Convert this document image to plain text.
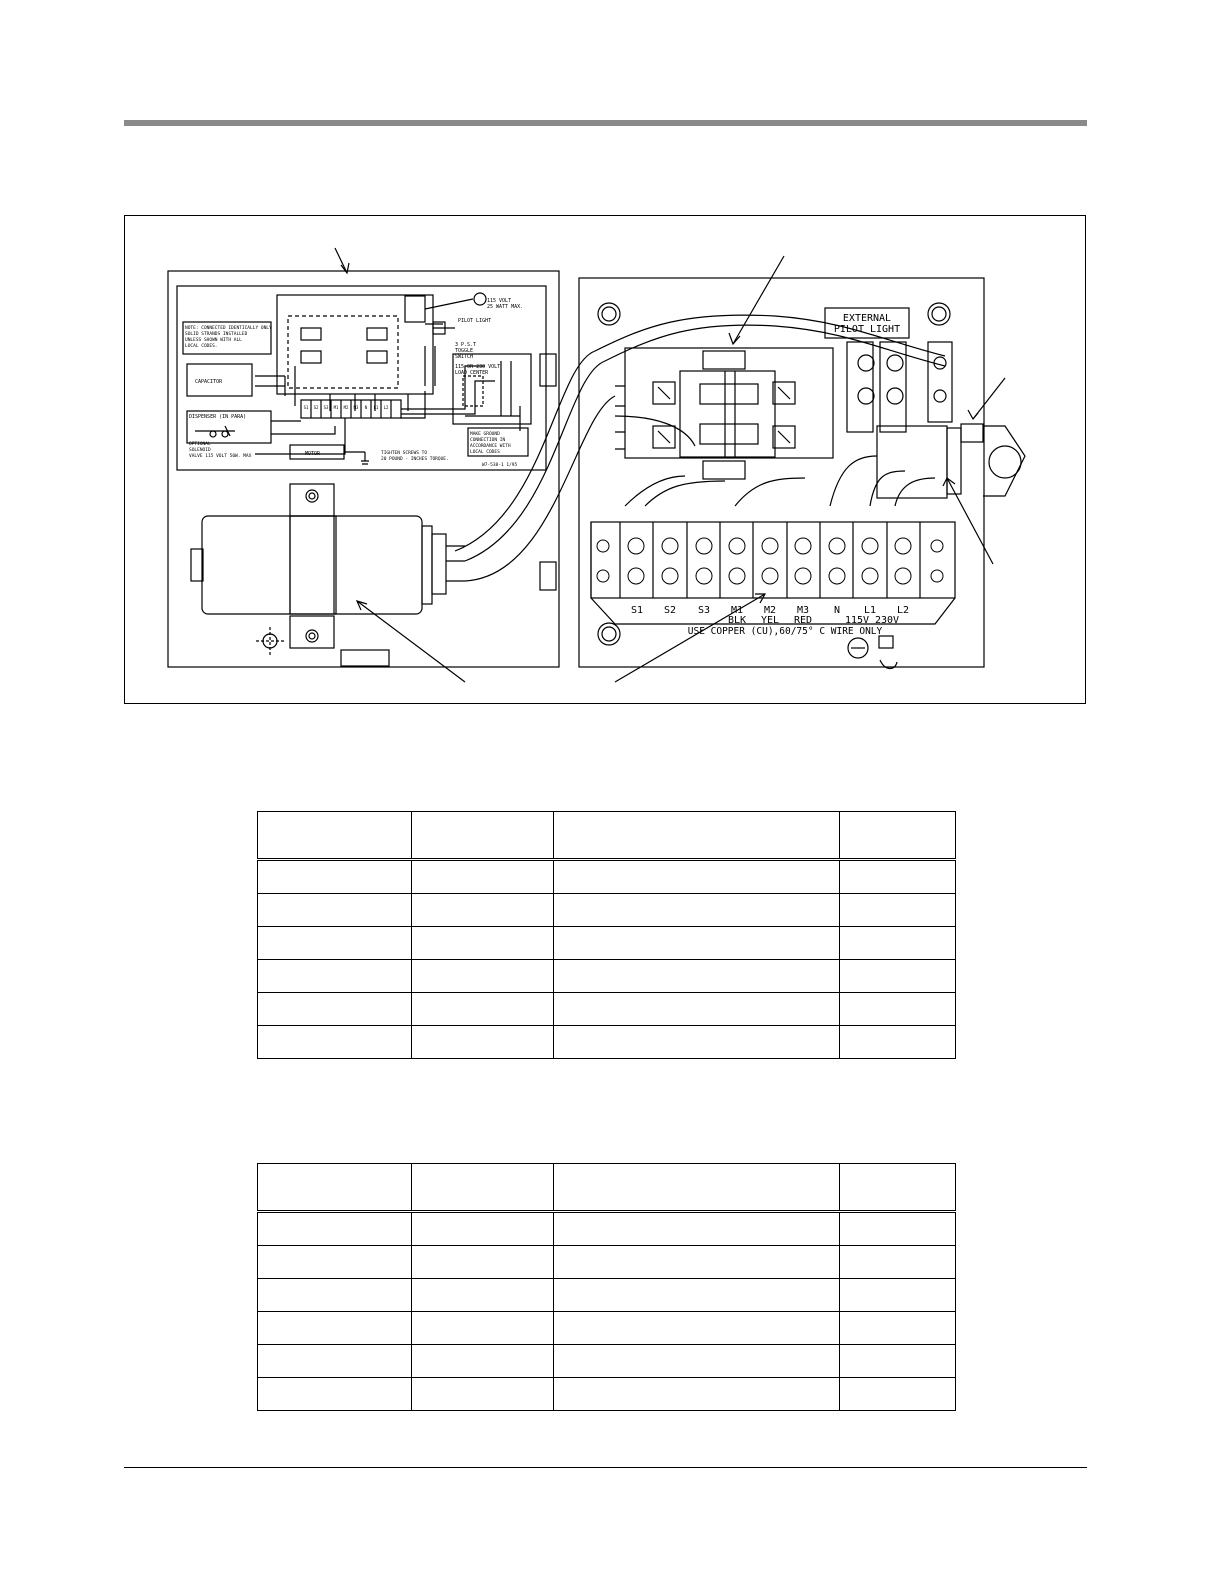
EXTERNAL
PILOT LIGHT
S1 S2 S3 M1 M2 M3 N L1 L2
BLK YEL RED	115V 230V
USE COPPER (CU),60/75° C WIRE ONLY
115 VOLT
25 WATT MAX.
PILOT LIGHT
3 P.S.T
TOGGLE
SWITCH
115 OR 230 VOLT
LOAD CENTER
NOTE: CONNECTED IDENTICALLY ONLY
SOLID STRANDS INSTALLED
UNLESS SHOWN WITH ALL
LOCAL CODES.
CAPACITOR
DISPENSER (IN PARA)
OPTIONAL
SOLENOID
VALVE 115 VOLT 50W. MAX
MAKE GROUND
CONNECTION IN
ACCORDANCE WITH
LOCAL CODES
MOTOR	TIGHTEN SCREWS TO
20 POUND - INCHES TORQUE.
W7-538-1 1/95
S1 S2 S3 M1 M2 M3 N L1 L2
